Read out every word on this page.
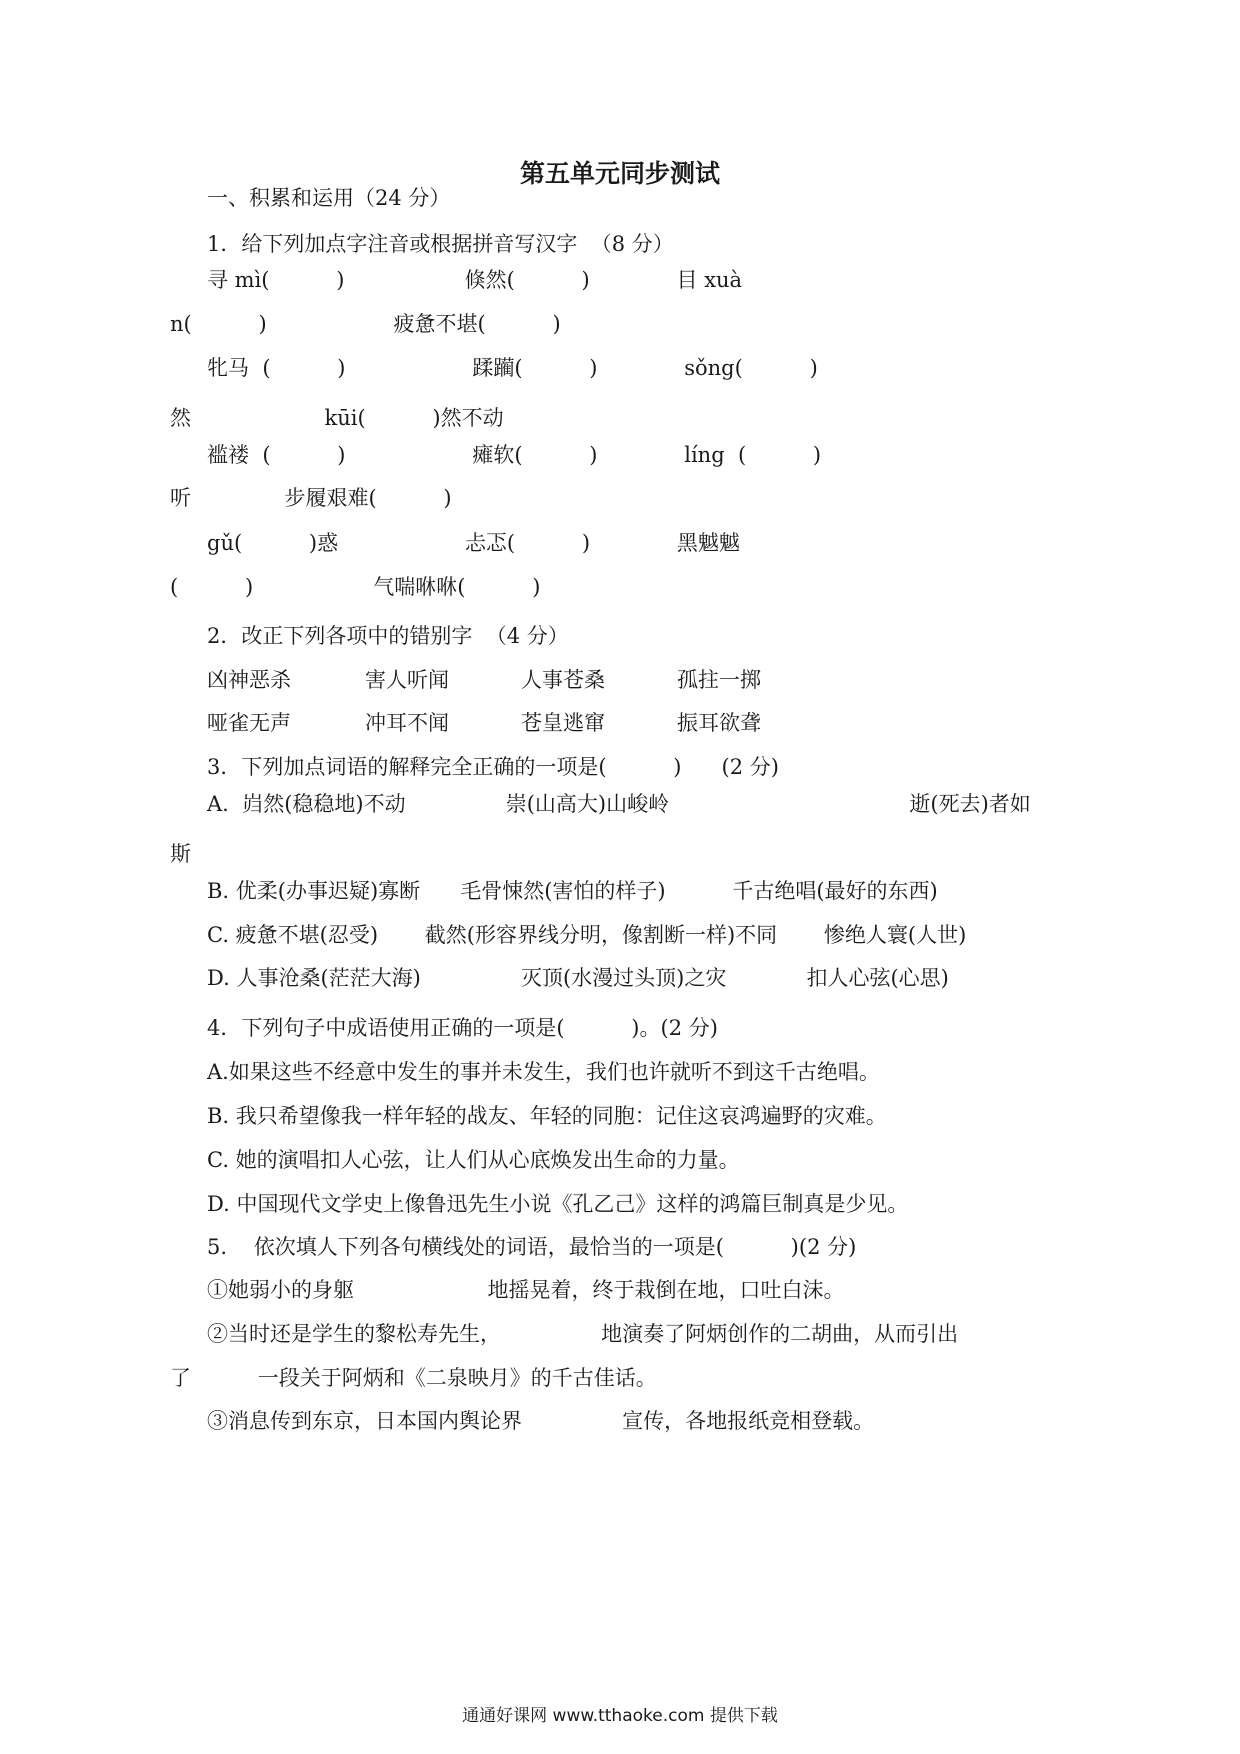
第五单元同步测试
一、积累和运用（24 分）
1．给下列加点字注音或根据拼音写汉字  （8 分）
寻 mì(          )                  倏然(          )             目 xuà
n(          )                   疲惫不堪(          )
牝马  (          )                   蹂躏(          )             sǒng(          )
然                    kūi(          )然不动
褴褛  (          )                   瘫软(          )             líng  (          )
听              步履艰难(          )
gǔ(          )惑                   忐忑(          )             黑魆魆
(          )                  气喘咻咻(          )
2．改正下列各项中的错别字  （4 分）
凶神恶杀	害人听闻	人事苍桑	孤拄一掷
哑雀无声	冲耳不闻	苍皇逃窜	振耳欲聋
3．下列加点词语的解释完全正确的一项是(          )      (2 分)
A.  岿然(稳稳地)不动               崇(山高大)山峻岭                                    逝(死去)者如
斯
B. 优柔(办事迟疑)寡断      毛骨悚然(害怕的样子)          千古绝唱(最好的东西)
C. 疲惫不堪(忍受)       截然(形容界线分明，像割断一样)不同       惨绝人寰(人世)
D. 人事沧桑(茫茫大海)               灭顶(水漫过头顶)之灾            扣人心弦(心思)
4．下列句子中成语使用正确的一项是(          )。(2 分)
A.如果这些不经意中发生的事并未发生，我们也许就听不到这千古绝唱。
B. 我只希望像我一样年轻的战友、年轻的同胞：记住这哀鸿遍野的灾难。
C. 她的演唱扣人心弦，让人们从心底焕发出生命的力量。
D. 中国现代文学史上像鲁迅先生小说《孔乙己》这样的鸿篇巨制真是少见。
5.    依次填人下列各句横线处的词语，最恰当的一项是(          )(2 分)
①她弱小的身躯                    地摇晃着，终于栽倒在地，口吐白沫。
②当时还是学生的黎松寿先生，               地演奏了阿炳创作的二胡曲，从而引出
了          一段关于阿炳和《二泉映月》的千古佳话。
③消息传到东京，日本国内舆论界               宣传，各地报纸竞相登载。
通通好课网 www.tthaoke.com 提供下载
